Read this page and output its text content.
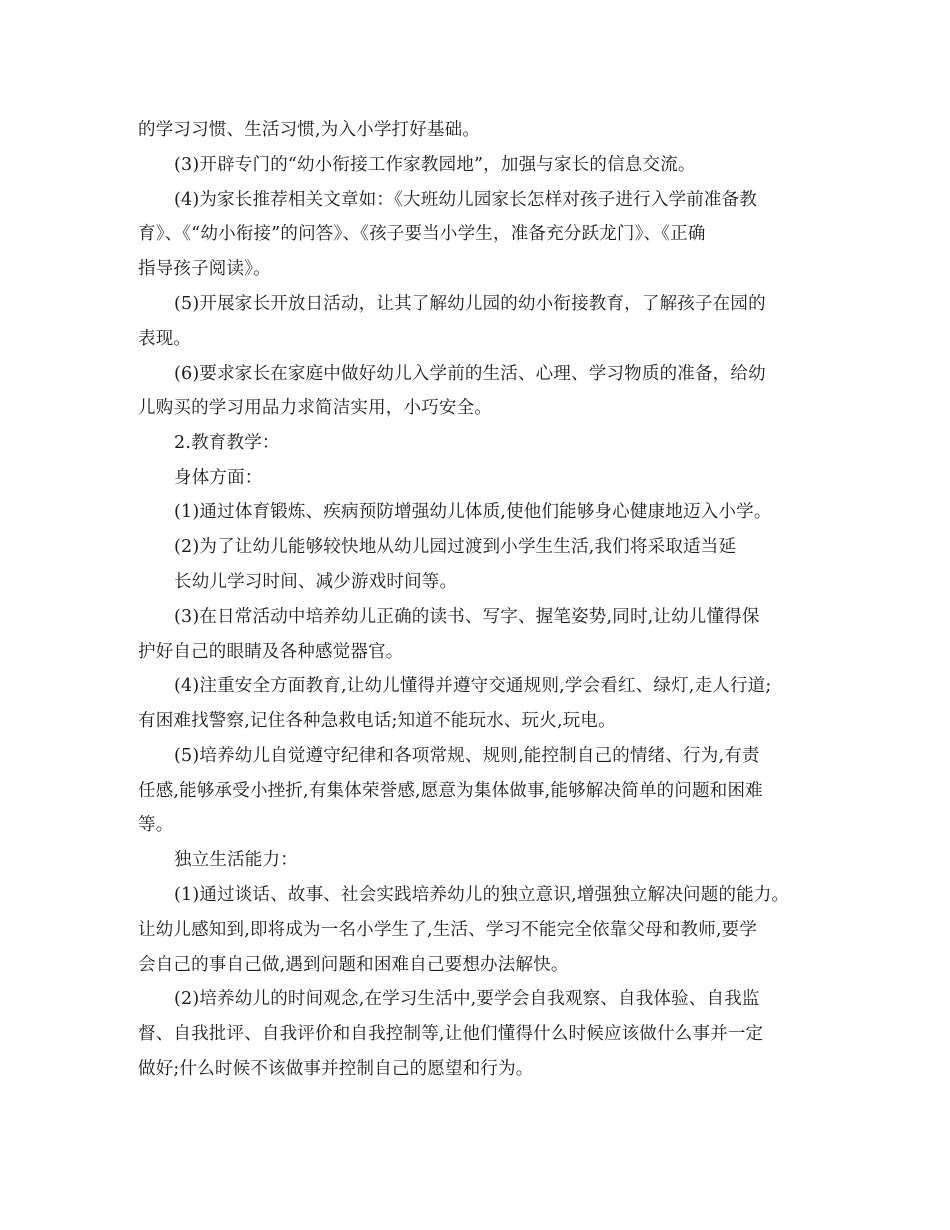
的学习习惯、生活习惯,为入小学打好基础。

(3)开辟专门的“幼小衔接工作家教园地”，加强与家长的信息交流。

(4)为家长推荐相关文章如：《大班幼儿园家长怎样对孩子进行入学前准备教

育》、《“幼小衔接”的问答》、《孩子要当小学生，准备充分跃龙门》、《正确

指导孩子阅读》。

(5)开展家长开放日活动，让其了解幼儿园的幼小衔接教育，了解孩子在园的

表现。

(6)要求家长在家庭中做好幼儿入学前的生活、心理、学习物质的准备，给幼

儿购买的学习用品力求简洁实用，小巧安全。

2.教育教学：

身体方面：

(1)通过体育锻炼、疾病预防增强幼儿体质,使他们能够身心健康地迈入小学。

(2)为了让幼儿能够较快地从幼儿园过渡到小学生生活,我们将采取适当延

长幼儿学习时间、减少游戏时间等。

(3)在日常活动中培养幼儿正确的读书、写字、握笔姿势,同时,让幼儿懂得保

护好自己的眼睛及各种感觉器官。

(4)注重安全方面教育,让幼儿懂得并遵守交通规则,学会看红、绿灯,走人行道;

有困难找警察,记住各种急救电话;知道不能玩水、玩火,玩电。

(5)培养幼儿自觉遵守纪律和各项常规、规则,能控制自己的情绪、行为,有责

任感,能够承受小挫折,有集体荣誉感,愿意为集体做事,能够解决简单的问题和困难

等。

独立生活能力：

(1)通过谈话、故事、社会实践培养幼儿的独立意识,增强独立解决问题的能力。

让幼儿感知到,即将成为一名小学生了,生活、学习不能完全依靠父母和教师,要学

会自己的事自己做,遇到问题和困难自己要想办法解快。

(2)培养幼儿的时间观念,在学习生活中,要学会自我观察、自我体验、自我监

督、自我批评、自我评价和自我控制等,让他们懂得什么时候应该做什么事并一定

做好;什么时候不该做事并控制自己的愿望和行为。
